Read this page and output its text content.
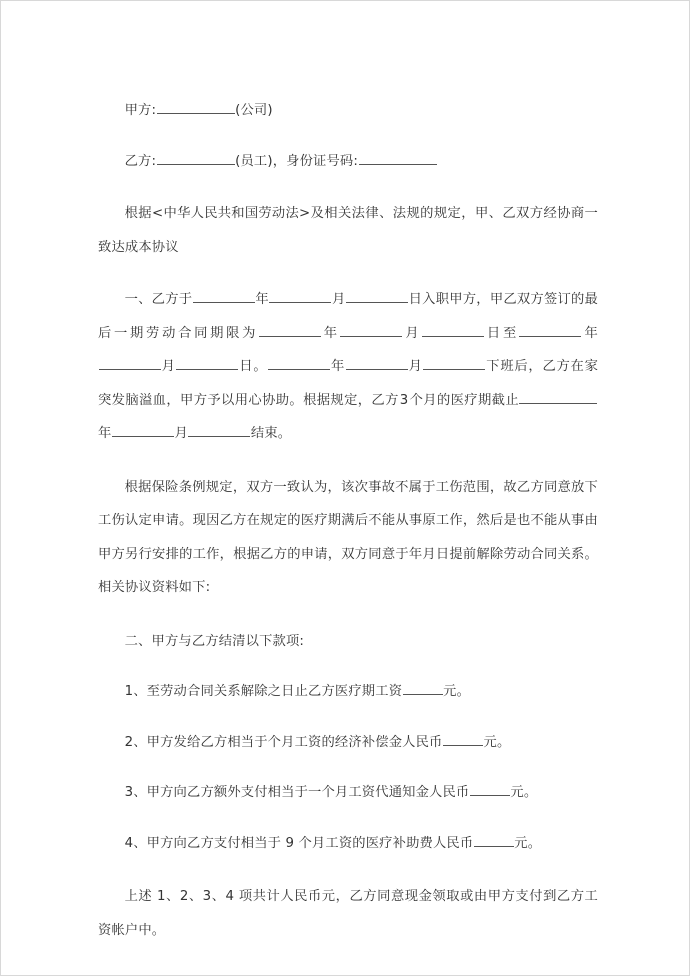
甲方:	(公司)

乙方:	(员工)，身份证号码:

根据<中华人民共和国劳动法>及相关法律、法规的规定，甲、乙双方经协商一致达成本协议

一、乙方于	年	月	日入职甲方，甲乙双方签订的最后一期劳动合同期限为	年	月	日至	年月	日。	年	月	下班后，乙方在家突发脑溢血，甲方予以用心协助。根据规定，乙方3个月的医疗期截止年	月	结束。

根据保险条例规定，双方一致认为，该次事故不属于工伤范围，故乙方同意放下工伤认定申请。现因乙方在规定的医疗期满后不能从事原工作，然后是也不能从事由甲方另行安排的工作，根据乙方的申请，双方同意于年月日提前解除劳动合同关系。相关协议资料如下:

二、甲方与乙方结清以下款项:

1、至劳动合同关系解除之日止乙方医疗期工资	元。

2、甲方发给乙方相当于个月工资的经济补偿金人民币	元。

3、甲方向乙方额外支付相当于一个月工资代通知金人民币	元。

4、甲方向乙方支付相当于 9 个月工资的医疗补助费人民币	元。

上述 1、2、3、4 项共计人民币元，乙方同意现金领取或由甲方支付到乙方工资帐户中。
